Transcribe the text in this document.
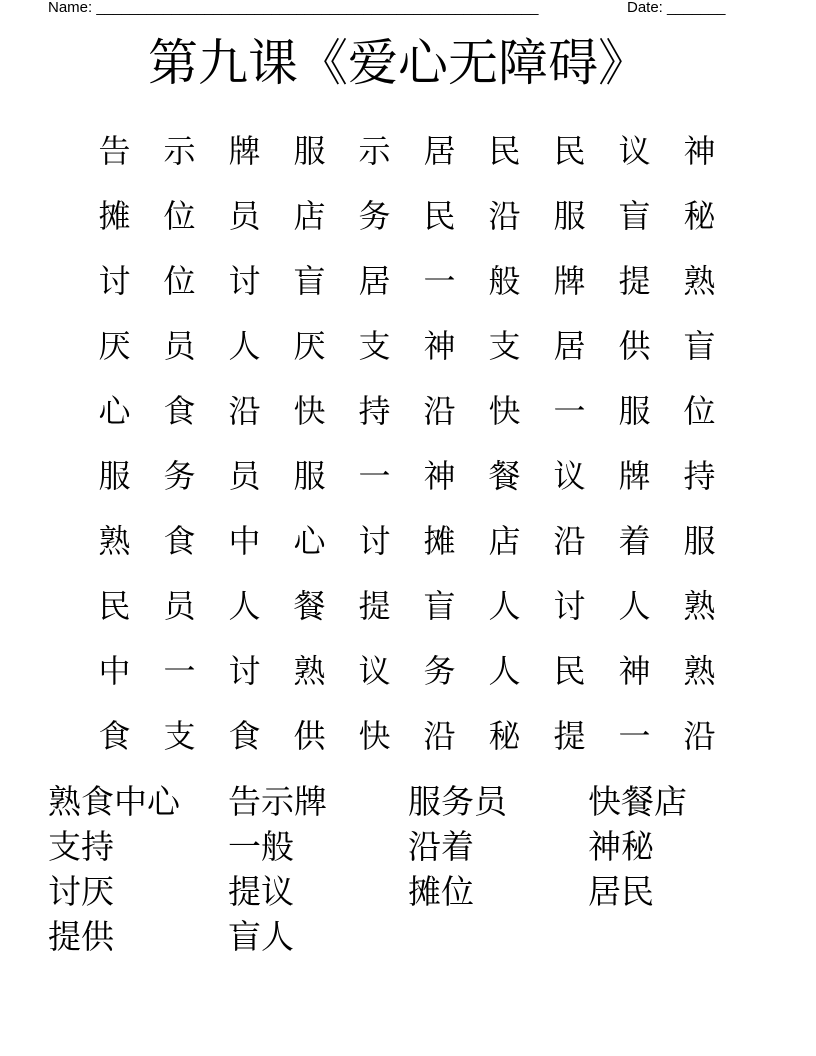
Name: _____________________________________________________	Date: _______
第九课《爱心无障碍》
告	示	牌	服	示	居	民	民	议	神
摊	位	员	店	务	民	沿	服	盲	秘
讨	位	讨	盲	居	一	般	牌	提	熟
厌	员	人	厌	支	神	支	居	供	盲
心	食	沿	快	持	沿	快	一	服	位
服	务	员	服	一	神	餐	议	牌	持
熟	食	中	心	讨	摊	店	沿	着	服
民	员	人	餐	提	盲	人	讨	人	熟
中	一	讨	熟	议	务	人	民	神	熟
食	支	食	供	快	沿	秘	提	一	沿
熟食中心	告示牌	服务员	快餐店
支持	一般	沿着	神秘
讨厌	提议	摊位	居民
提供	盲人
